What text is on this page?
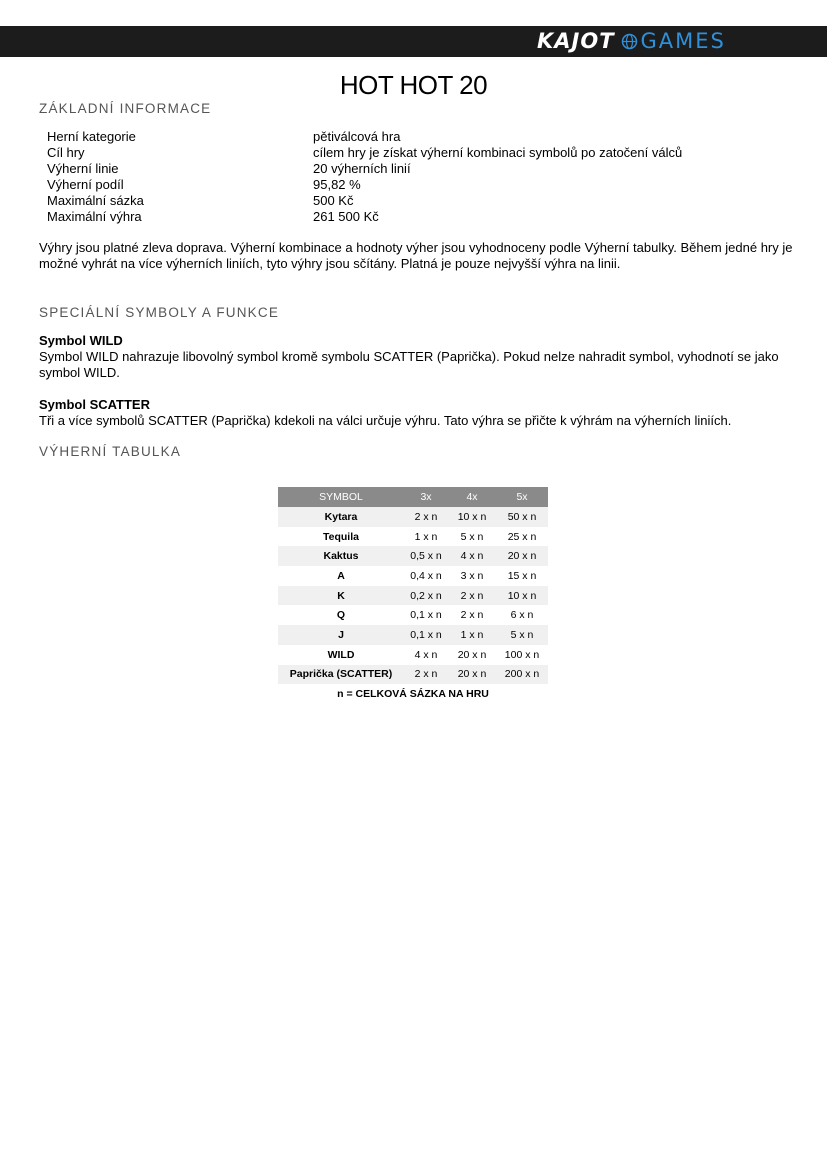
KAJOT GAMES
HOT HOT 20
ZÁKLADNÍ INFORMACE
Herní kategorie	pětiválcová hra
Cíl hry	cílem hry je získat výherní kombinaci symbolů po zatočení válců
Výherní linie	20 výherních linií
Výherní podíl	95,82 %
Maximální sázka	500 Kč
Maximální výhra	261 500 Kč

Výhry jsou platné zleva doprava. Výherní kombinace a hodnoty výher jsou vyhodnoceny podle Výherní tabulky. Během jedné hry je možné vyhrát na více výherních liniích, tyto výhry jsou sčítány. Platná je pouze nejvyšší výhra na linii.

SPECIÁLNÍ SYMBOLY A FUNKCE
Symbol WILD
Symbol WILD nahrazuje libovolný symbol kromě symbolu SCATTER (Paprička). Pokud nelze nahradit symbol, vyhodnotí se jako symbol WILD.
Symbol SCATTER
Tři a více symbolů SCATTER (Paprička) kdekoli na válci určuje výhru. Tato výhra se přičte k výhrám na výherních liniích.
VÝHERNÍ TABULKA
SYMBOL	3x	4x	5x
Kytara	2 x n	10 x n	50 x n
Tequila	1 x n	5 x n	25 x n
Kaktus	0,5 x n	4 x n	20 x n
A	0,4 x n	3 x n	15 x n
K	0,2 x n	2 x n	10 x n
Q	0,1 x n	2 x n	6 x n
J	0,1 x n	1 x n	5 x n
WILD	4 x n	20 x n	100 x n
Paprička (SCATTER)	2 x n	20 x n	200 x n
n = CELKOVÁ SÁZKA NA HRU
